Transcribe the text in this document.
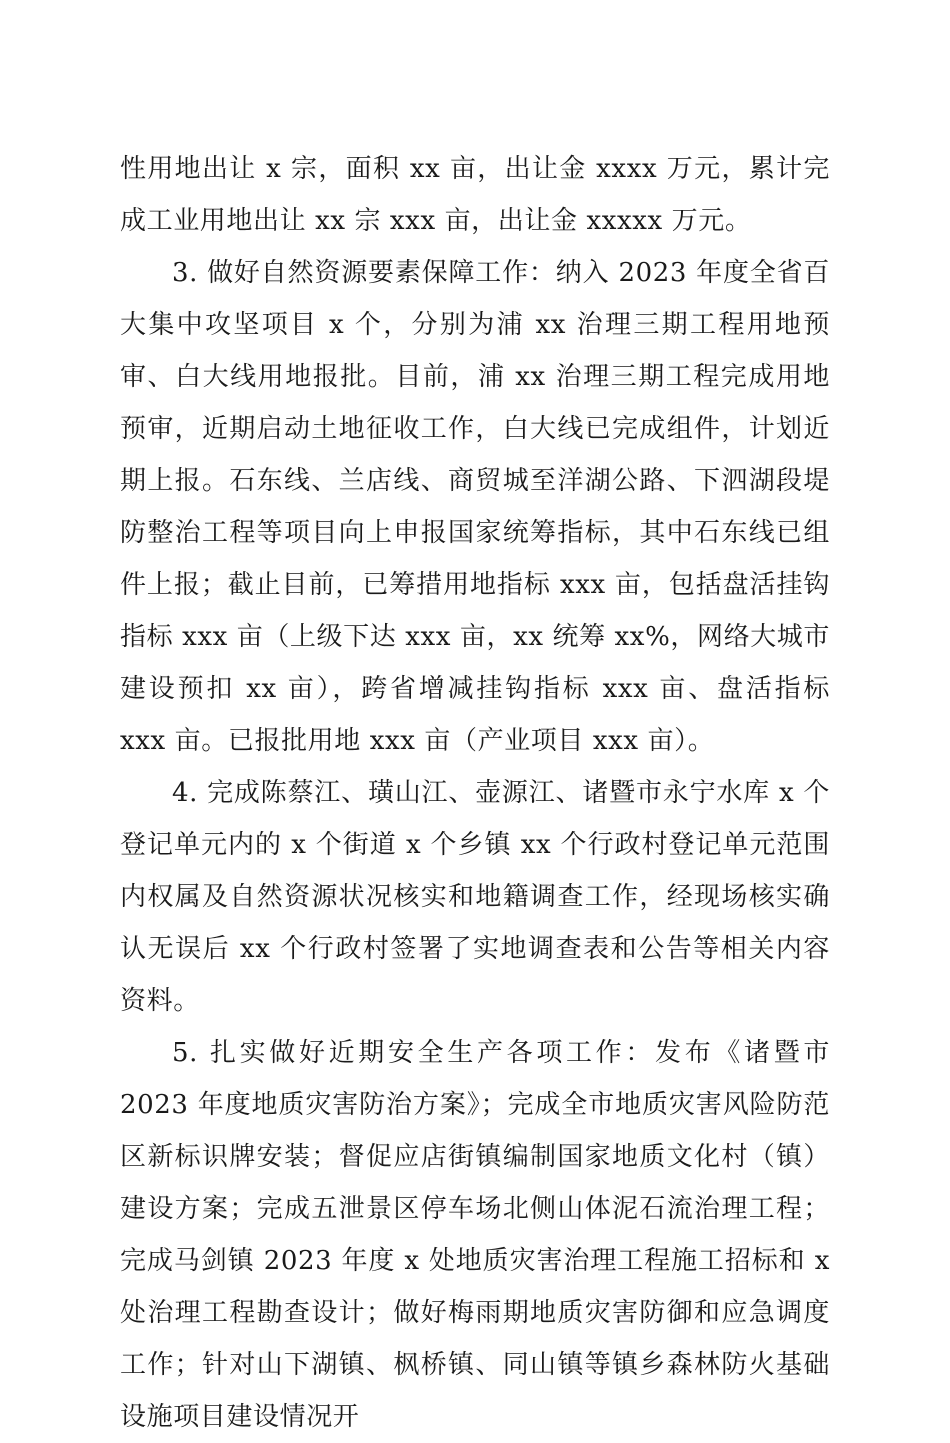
性用地出让 x 宗，面积 xx 亩，出让金 xxxx 万元，累计完成工业用地出让 xx 宗 xxx 亩，出让金 xxxxx 万元。

3. 做好自然资源要素保障工作：纳入 2023 年度全省百大集中攻坚项目 x 个，分别为浦 xx 治理三期工程用地预审、白大线用地报批。目前，浦 xx 治理三期工程完成用地预审，近期启动土地征收工作，白大线已完成组件，计划近期上报。石东线、兰店线、商贸城至洋湖公路、下泗湖段堤防整治工程等项目向上申报国家统筹指标，其中石东线已组件上报；截止目前，已筹措用地指标 xxx 亩，包括盘活挂钩指标 xxx 亩（上级下达 xxx 亩，xx 统筹 xx%，网络大城市建设预扣 xx 亩），跨省增减挂钩指标 xxx 亩、盘活指标 xxx 亩。已报批用地 xxx 亩（产业项目 xxx 亩）。

4. 完成陈蔡江、璜山江、壶源江、诸暨市永宁水库 x 个登记单元内的 x 个街道 x 个乡镇 xx 个行政村登记单元范围内权属及自然资源状况核实和地籍调查工作，经现场核实确认无误后 xx 个行政村签署了实地调查表和公告等相关内容资料。

5. 扎实做好近期安全生产各项工作：发布《诸暨市 2023 年度地质灾害防治方案》；完成全市地质灾害风险防范区新标识牌安装；督促应店街镇编制国家地质文化村（镇）建设方案；完成五泄景区停车场北侧山体泥石流治理工程；完成马剑镇 2023 年度 x 处地质灾害治理工程施工招标和 x 处治理工程勘查设计；做好梅雨期地质灾害防御和应急调度工作；针对山下湖镇、枫桥镇、同山镇等镇乡森林防火基础设施项目建设情况开
